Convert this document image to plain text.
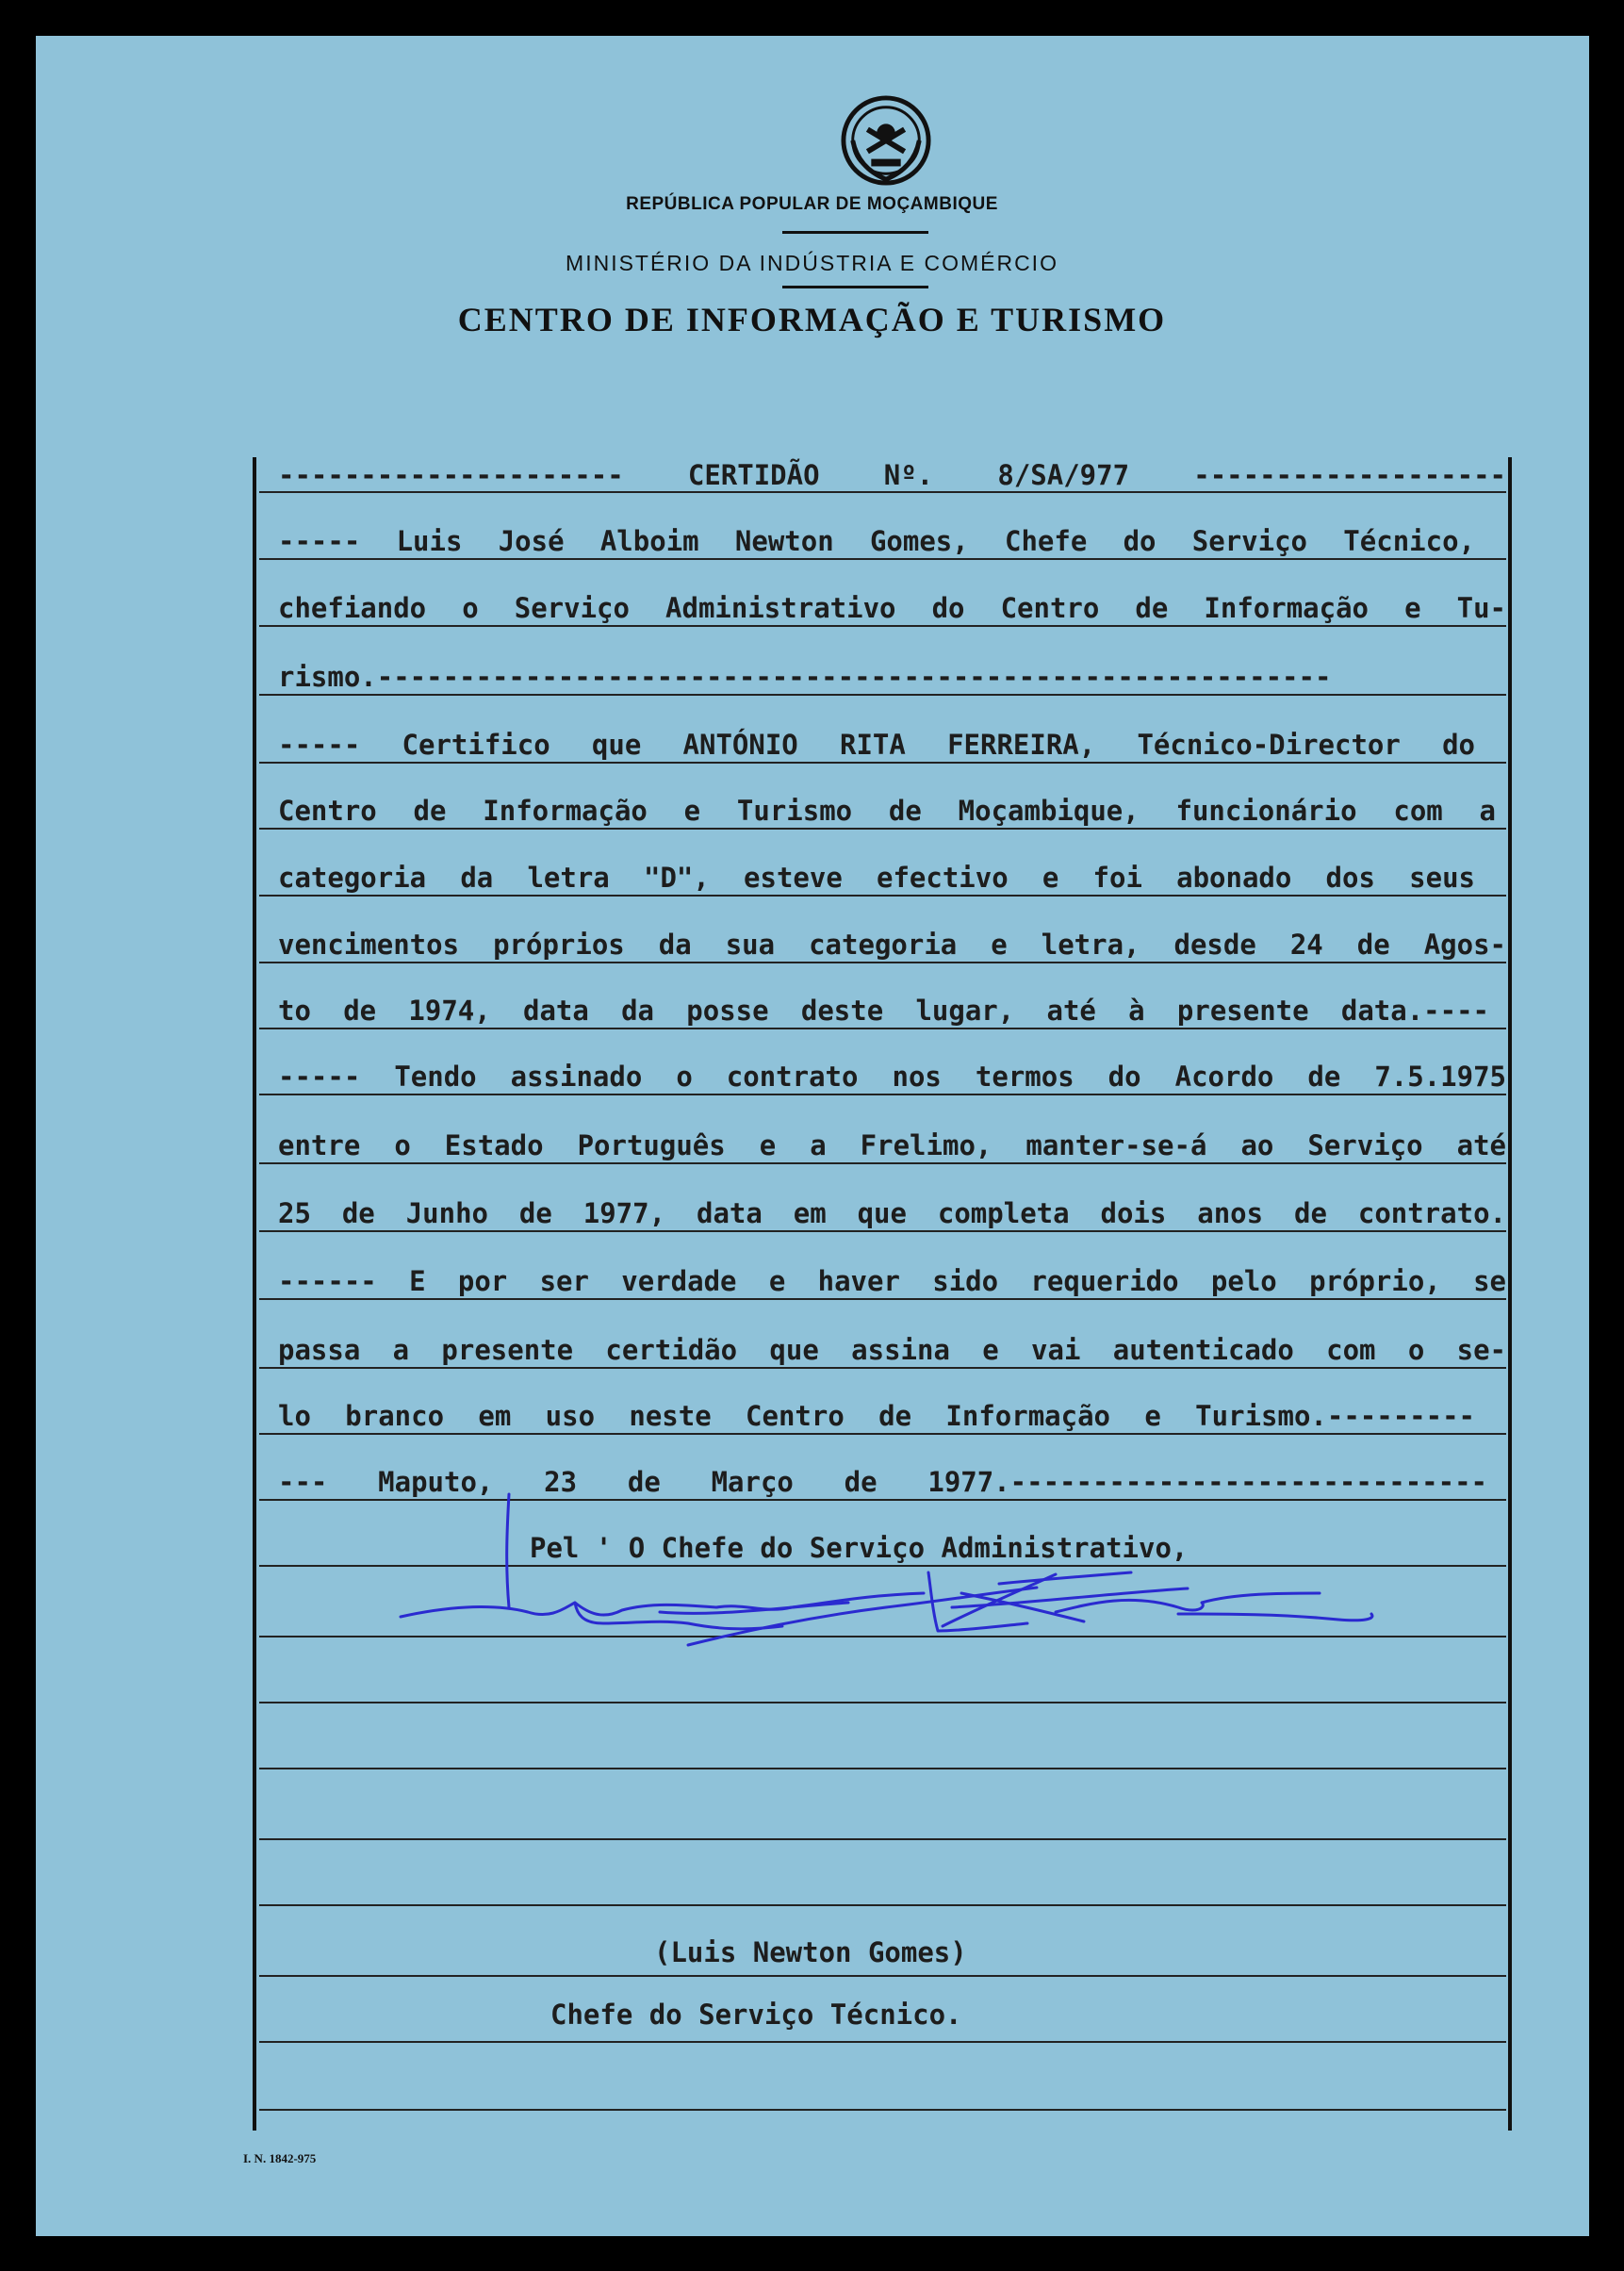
REPÚBLICA POPULAR DE MOÇAMBIQUE
MINISTÉRIO DA INDÚSTRIA E COMÉRCIO
CENTRO DE INFORMAÇÃO E TURISMO
--------------------- CERTIDÃO Nº. 8/SA/977 -------------------
----- Luis José Alboim Newton Gomes, Chefe do Serviço Técnico,
chefiando o Serviço Administrativo do Centro de Informação e Tu-
rismo.----------------------------------------------------------
----- Certifico que ANTÓNIO RITA FERREIRA, Técnico-Director do
Centro de Informação e Turismo de Moçambique, funcionário com a
categoria da letra "D", esteve efectivo e foi abonado dos seus
vencimentos próprios da sua categoria e letra, desde 24 de Agos-
to de 1974, data da posse deste lugar, até à presente data.----
----- Tendo assinado o contrato nos termos do Acordo de 7.5.1975
entre o Estado Português e a Frelimo, manter-se-á ao Serviço até
25 de Junho de 1977, data em que completa dois anos de contrato.
------ E por ser verdade e haver sido requerido pelo próprio, se
passa a presente certidão que assina e vai autenticado com o se-
lo branco em uso neste Centro de Informação e Turismo.---------
--- Maputo, 23 de Março de 1977.-----------------------------
Pel ' O Chefe do Serviço Administrativo,
(Luis Newton Gomes)
Chefe do Serviço Técnico.
I. N. 1842-975
